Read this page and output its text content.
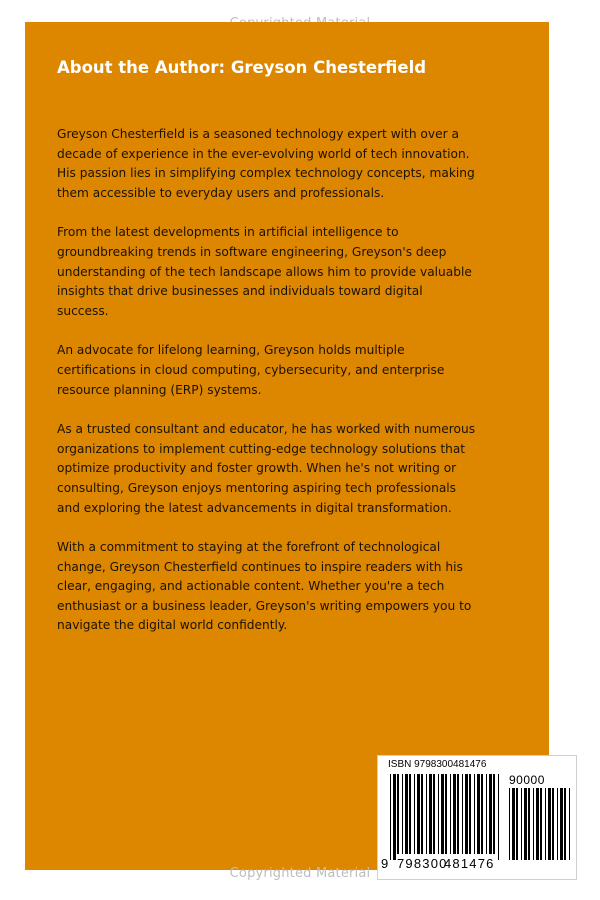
About the Author: Greyson Chesterfield

Greyson Chesterfield is a seasoned technology expert with over a
decade of experience in the ever-evolving world of tech innovation.
His passion lies in simplifying complex technology concepts, making
them accessible to everyday users and professionals.

From the latest developments in artificial intelligence to
groundbreaking trends in software engineering, Greyson's deep
understanding of the tech landscape allows him to provide valuable
insights that drive businesses and individuals toward digital
success.

An advocate for lifelong learning, Greyson holds multiple
certifications in cloud computing, cybersecurity, and enterprise
resource planning (ERP) systems.

As a trusted consultant and educator, he has worked with numerous
organizations to implement cutting-edge technology solutions that
optimize productivity and foster growth. When he's not writing or
consulting, Greyson enjoys mentoring aspiring tech professionals
and exploring the latest advancements in digital transformation.

With a commitment to staying at the forefront of technological
change, Greyson Chesterfield continues to inspire readers with his
clear, engaging, and actionable content. Whether you're a tech
enthusiast or a business leader, Greyson's writing empowers you to
navigate the digital world confidently.

ISBN 9798300481476
90000
9 798300
481476
Copyrighted Material
